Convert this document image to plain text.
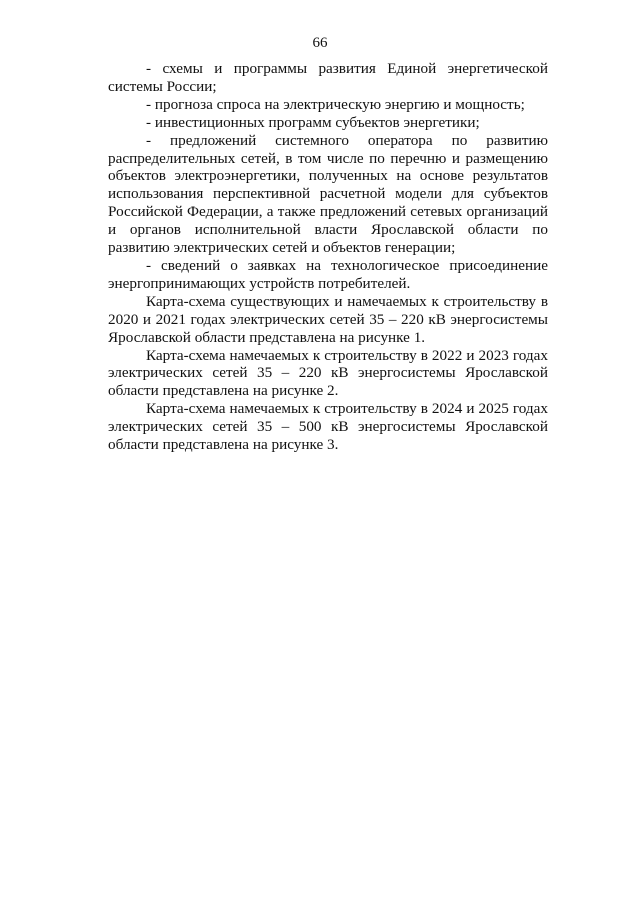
66

- схемы и программы развития Единой энергетической системы России;

- прогноза спроса на электрическую энергию и мощность;

- инвестиционных программ субъектов энергетики;

- предложений системного оператора по развитию распределительных сетей, в том числе по перечню и размещению объектов электроэнергетики, полученных на основе результатов использования перспективной расчетной модели для субъектов Российской Федерации, а также предложений сетевых организаций и органов исполнительной власти Ярославской области по развитию электрических сетей и объектов генерации;

- сведений о заявках на технологическое присоединение энергопринимающих устройств потребителей.

Карта-схема существующих и намечаемых к строительству в 2020 и 2021 годах электрических сетей 35 – 220 кВ энергосистемы Ярославской области представлена на рисунке 1.

Карта-схема намечаемых к строительству в 2022 и 2023 годах электрических сетей 35 – 220 кВ энергосистемы Ярославской области представлена на рисунке 2.

Карта-схема намечаемых к строительству в 2024 и 2025 годах электрических сетей 35 – 500 кВ энергосистемы Ярославской области представлена на рисунке 3.
